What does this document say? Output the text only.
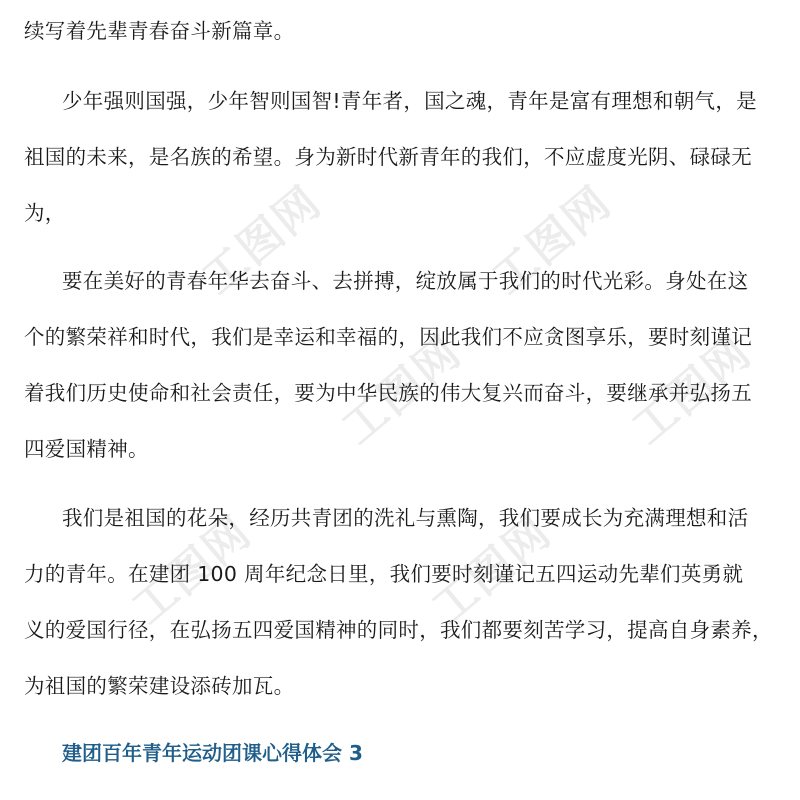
工图网	工图网
工图网	工图网
工图网	工图网
续写着先辈青春奋斗新篇章。
少年强则国强，少年智则国智!青年者，国之魂，青年是富有理想和朝气，是
祖国的未来，是名族的希望。身为新时代新青年的我们，不应虚度光阴、碌碌无
为，
要在美好的青春年华去奋斗、去拼搏，绽放属于我们的时代光彩。身处在这
个的繁荣祥和时代，我们是幸运和幸福的，因此我们不应贪图享乐，要时刻谨记
着我们历史使命和社会责任，要为中华民族的伟大复兴而奋斗，要继承并弘扬五
四爱国精神。
我们是祖国的花朵，经历共青团的洗礼与熏陶，我们要成长为充满理想和活
力的青年。在建团 100 周年纪念日里，我们要时刻谨记五四运动先辈们英勇就
义的爱国行径，在弘扬五四爱国精神的同时，我们都要刻苦学习，提高自身素养，
为祖国的繁荣建设添砖加瓦。
建团百年青年运动团课心得体会 3
